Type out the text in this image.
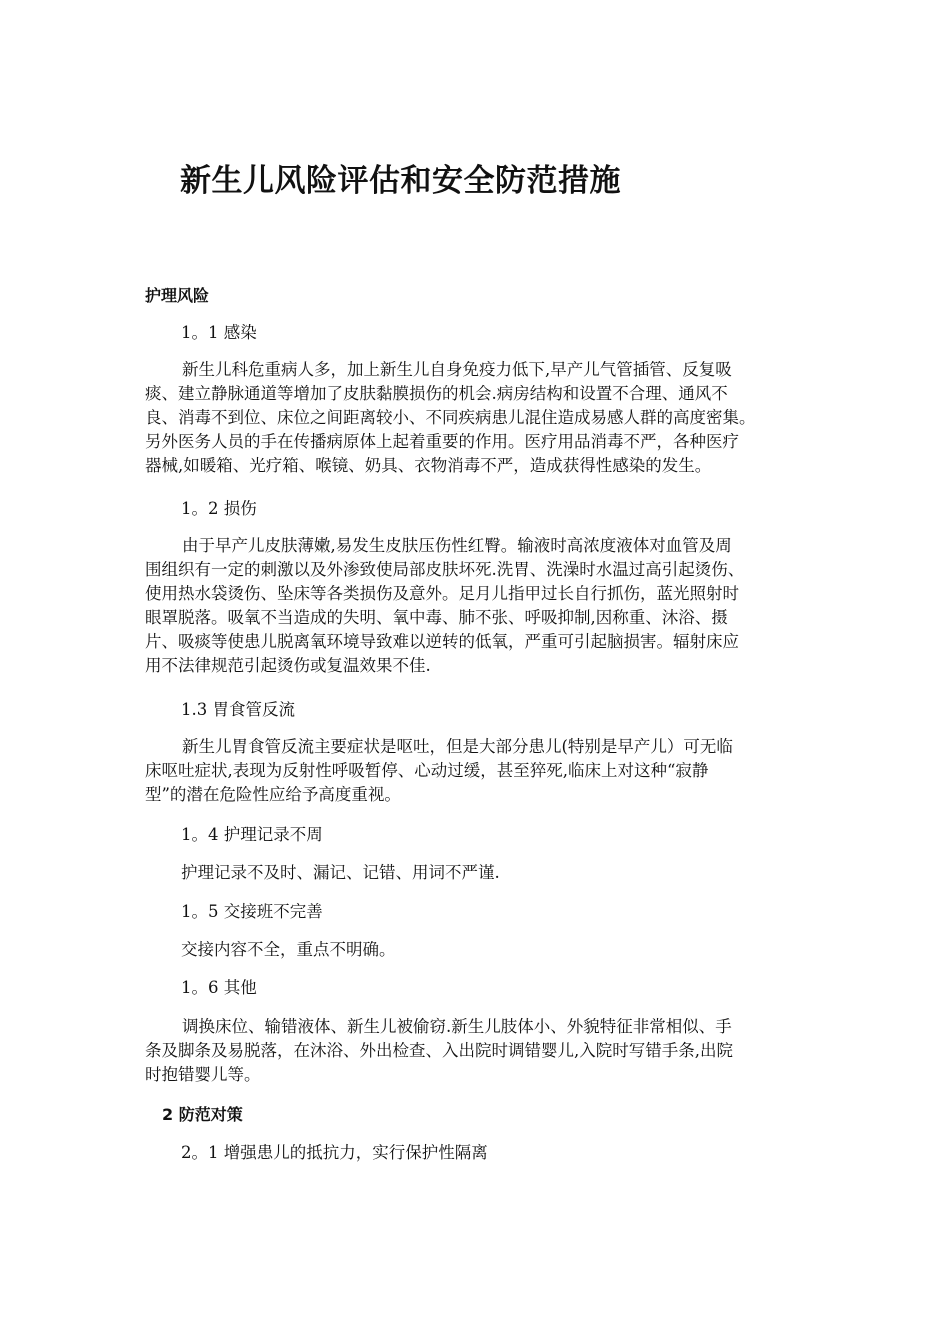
新生儿风险评估和安全防范措施

护理风险

1。1 感染

新生儿科危重病人多，加上新生儿自身免疫力低下,早产儿气管插管、反复吸
痰、建立静脉通道等增加了皮肤黏膜损伤的机会.病房结构和设置不合理、通风不
良、消毒不到位、床位之间距离较小、不同疾病患儿混住造成易感人群的高度密集。
另外医务人员的手在传播病原体上起着重要的作用。医疗用品消毒不严，各种医疗
器械,如暖箱、光疗箱、喉镜、奶具、衣物消毒不严，造成获得性感染的发生。

1。2 损伤

由于早产儿皮肤薄嫩,易发生皮肤压伤性红臀。输液时高浓度液体对血管及周
围组织有一定的刺激以及外渗致使局部皮肤坏死.洗胃、洗澡时水温过高引起烫伤、
使用热水袋烫伤、坠床等各类损伤及意外。足月儿指甲过长自行抓伤，蓝光照射时
眼罩脱落。吸氧不当造成的失明、氧中毒、肺不张、呼吸抑制,因称重、沐浴、摄
片、吸痰等使患儿脱离氧环境导致难以逆转的低氧，严重可引起脑损害。辐射床应
用不法律规范引起烫伤或复温效果不佳.

1.3 胃食管反流

新生儿胃食管反流主要症状是呕吐，但是大部分患儿(特别是早产儿）可无临
床呕吐症状,表现为反射性呼吸暂停、心动过缓，甚至猝死,临床上对这种“寂静
型”的潜在危险性应给予高度重视。

1。4 护理记录不周

护理记录不及时、漏记、记错、用词不严谨.

1。5 交接班不完善

交接内容不全，重点不明确。

1。6 其他

调换床位、输错液体、新生儿被偷窃.新生儿肢体小、外貌特征非常相似、手
条及脚条及易脱落，在沐浴、外出检查、入出院时调错婴儿,入院时写错手条,出院
时抱错婴儿等。

2 防范对策

2。1 增强患儿的抵抗力，实行保护性隔离
